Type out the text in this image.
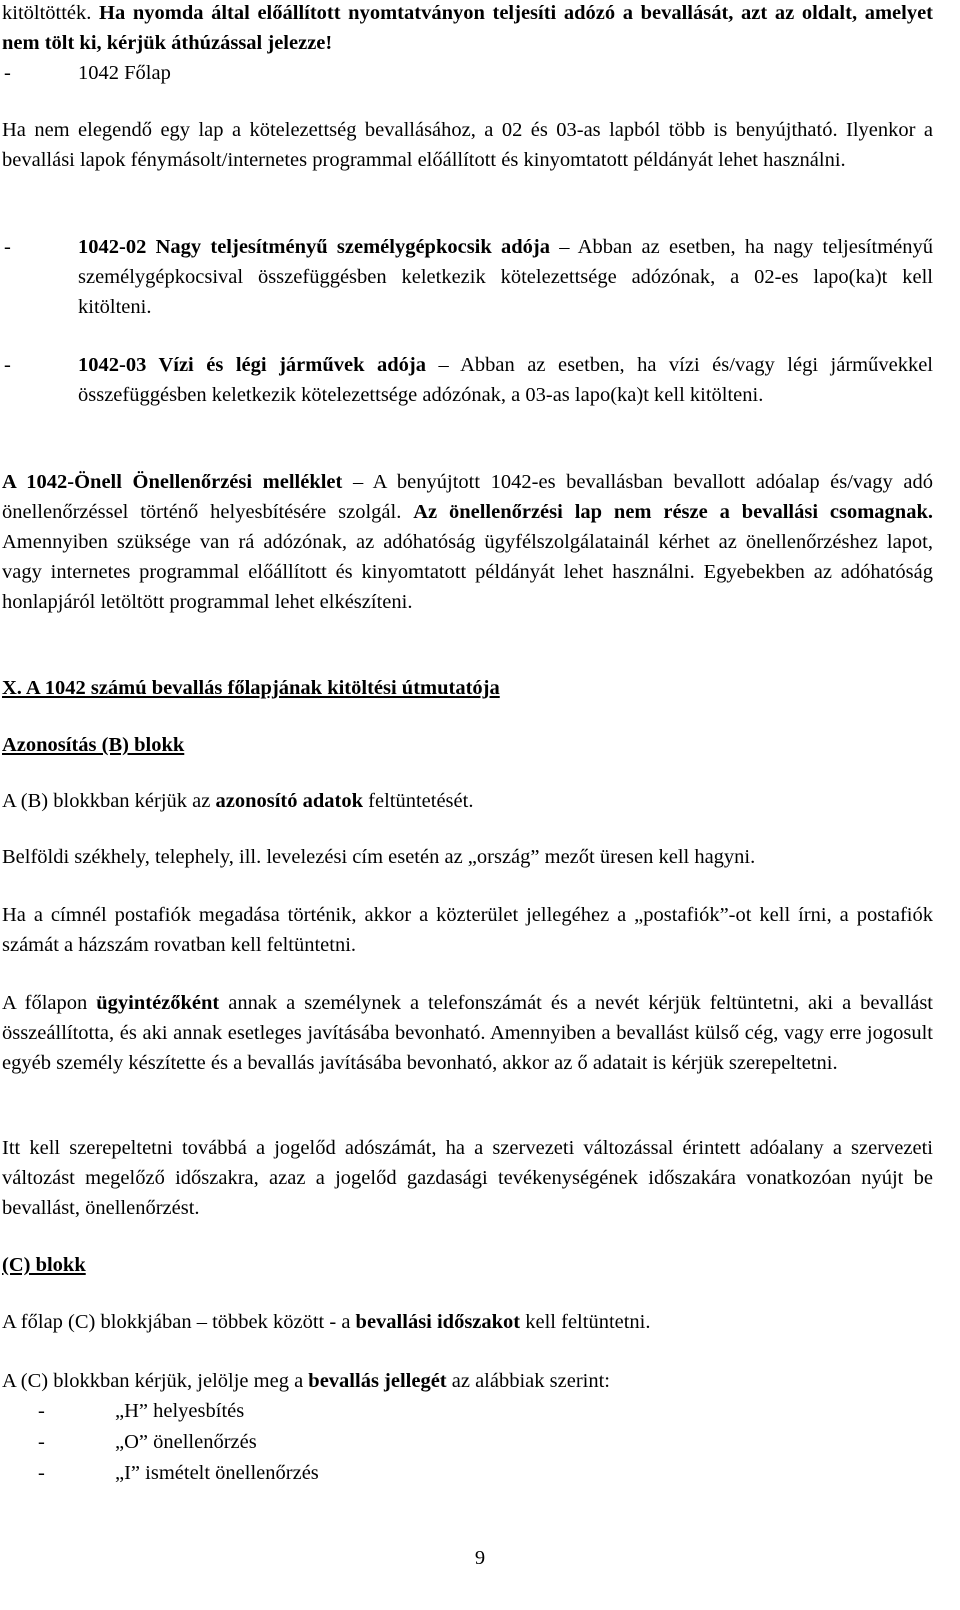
kitöltötték. Ha nyomda által előállított nyomtatványon teljesíti adózó a bevallását, azt az oldalt, amelyet nem tölt ki, kérjük áthúzással jelezze!

-	1042 Főlap

Ha nem elegendő egy lap a kötelezettség bevallásához, a 02 és 03-as lapból több is benyújtható. Ilyenkor a bevallási lapok fénymásolt/internetes programmal előállított és kinyomtatott példányát lehet használni.

-	1042-02 Nagy teljesítményű személygépkocsik adója – Abban az esetben, ha nagy teljesítményű személygépkocsival összefüggésben keletkezik kötelezettsége adózónak, a 02-es lapo(ka)t kell kitölteni.

-	1042-03 Vízi és légi járművek adója – Abban az esetben, ha vízi és/vagy légi járművekkel összefüggésben keletkezik kötelezettsége adózónak, a 03-as lapo(ka)t kell kitölteni.

A 1042-Önell Önellenőrzési melléklet – A benyújtott 1042-es bevallásban bevallott adóalap és/vagy adó önellenőrzéssel történő helyesbítésére szolgál. Az önellenőrzési lap nem része a bevallási csomagnak. Amennyiben szüksége van rá adózónak, az adóhatóság ügyfélszolgálatainál kérhet az önellenőrzéshez lapot, vagy internetes programmal előállított és kinyomtatott példányát lehet használni. Egyebekben az adóhatóság honlapjáról letöltött programmal lehet elkészíteni.

X. A 1042 számú bevallás főlapjának kitöltési útmutatója
Azonosítás (B) blokk

A (B) blokkban kérjük az azonosító adatok feltüntetését.

Belföldi székhely, telephely, ill. levelezési cím esetén az „ország” mezőt üresen kell hagyni.

Ha a címnél postafiók megadása történik, akkor a közterület jellegéhez a „postafiók”-ot kell írni, a postafiók számát a házszám rovatban kell feltüntetni.

A főlapon ügyintézőként annak a személynek a telefonszámát és a nevét kérjük feltüntetni, aki a bevallást összeállította, és aki annak esetleges javításába bevonható. Amennyiben a bevallást külső cég, vagy erre jogosult egyéb személy készítette és a bevallás javításába bevonható, akkor az ő adatait is kérjük szerepeltetni.

Itt kell szerepeltetni továbbá a jogelőd adószámát, ha a szervezeti változással érintett adóalany a szervezeti változást megelőző időszakra, azaz a jogelőd gazdasági tevékenységének időszakára vonatkozóan nyújt be bevallást, önellenőrzést.

(C) blokk

A főlap (C) blokkjában – többek között - a bevallási időszakot kell feltüntetni.

A (C) blokkban kérjük, jelölje meg a bevallás jellegét az alábbiak szerint:

-	„H” helyesbítés
-	„O” önellenőrzés
-	„I” ismételt önellenőrzés
9
